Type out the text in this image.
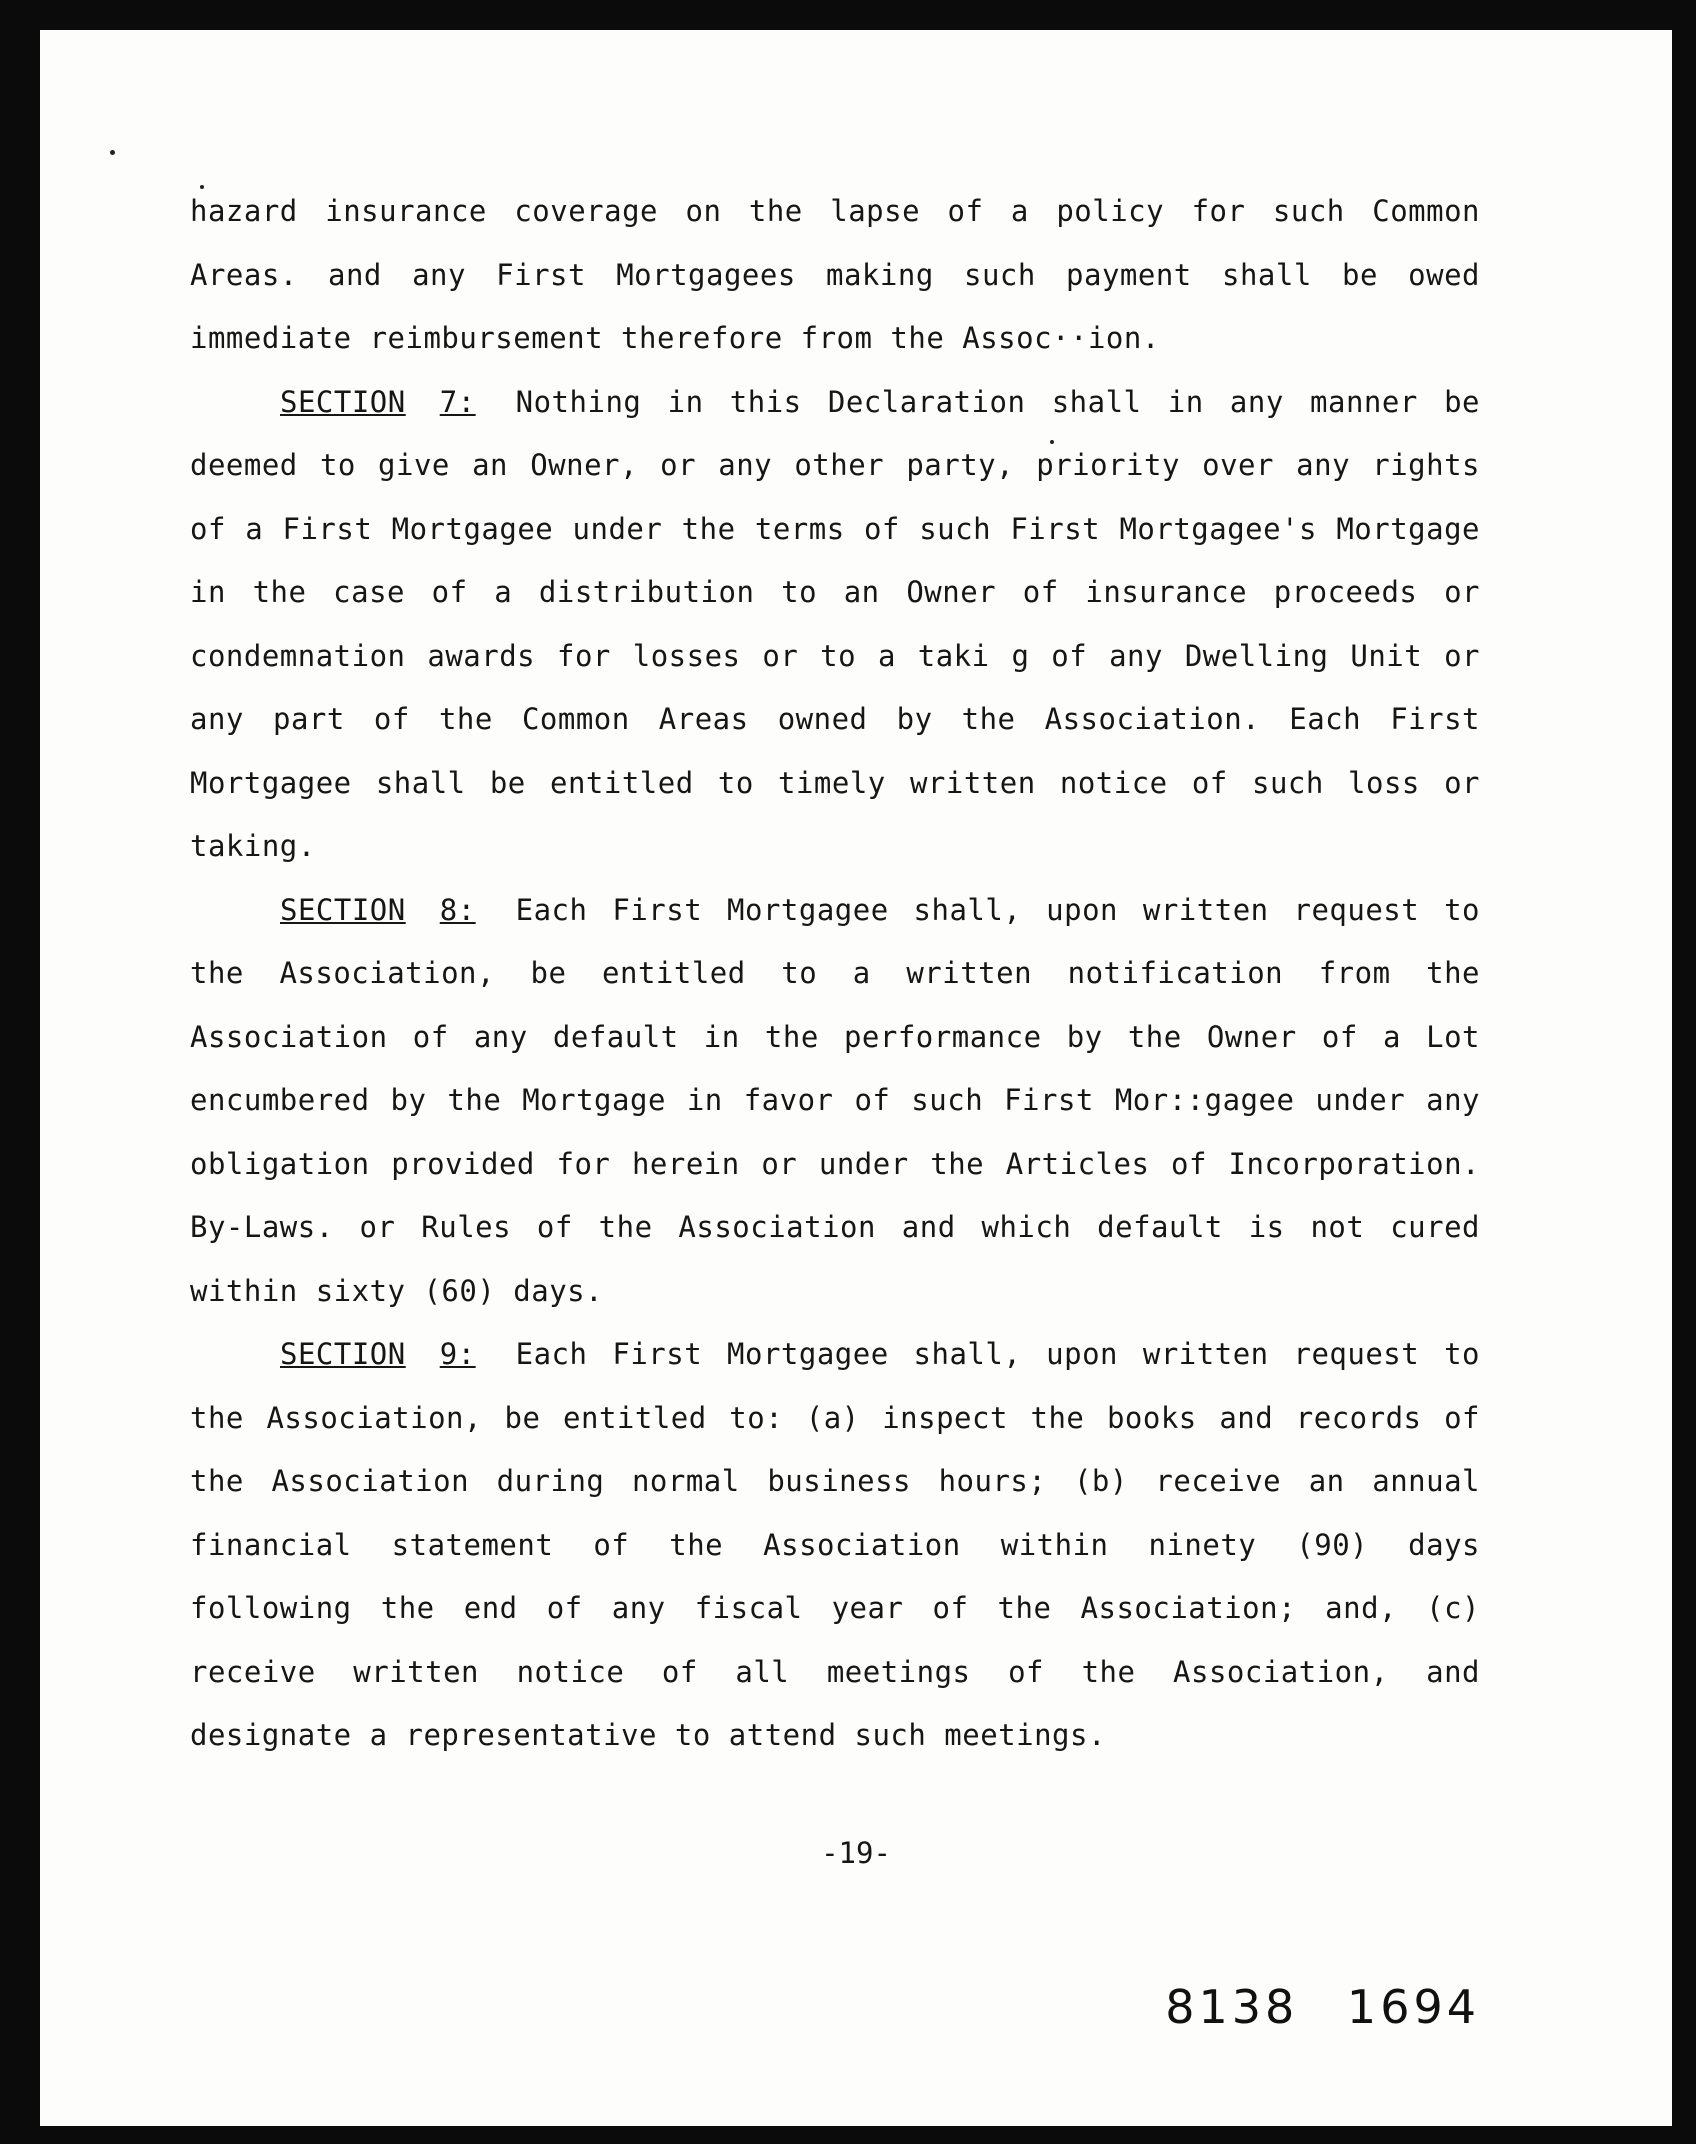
hazard insurance coverage on the lapse of a policy for such Common Areas. and any First Mortgagees making such payment shall be owed immediate reimbursement therefore from the Assoc··ion.

SECTION 7: Nothing in this Declaration shall in any manner be deemed to give an Owner, or any other party, priority over any rights of a First Mortgagee under the terms of such First Mortgagee's Mortgage in the case of a distribution to an Owner of insurance proceeds or condemnation awards for losses or to a taki g of any Dwelling Unit or any part of the Common Areas owned by the Association. Each First Mortgagee shall be entitled to timely written notice of such loss or taking.

SECTION 8: Each First Mortgagee shall, upon written request to the Association, be entitled to a written notification from the Association of any default in the performance by the Owner of a Lot encumbered by the Mortgage in favor of such First Mor::gagee under any obligation provided for herein or under the Articles of Incorporation. By-Laws. or Rules of the Association and which default is not cured within sixty (60) days.

SECTION 9: Each First Mortgagee shall, upon written request to the Association, be entitled to: (a) inspect the books and records of the Association during normal business hours; (b) receive an annual financial statement of the Association within ninety (90) days following the end of any fiscal year of the Association; and, (c) receive written notice of all meetings of the Association, and designate a representative to attend such meetings.

-19-
8138 1694
